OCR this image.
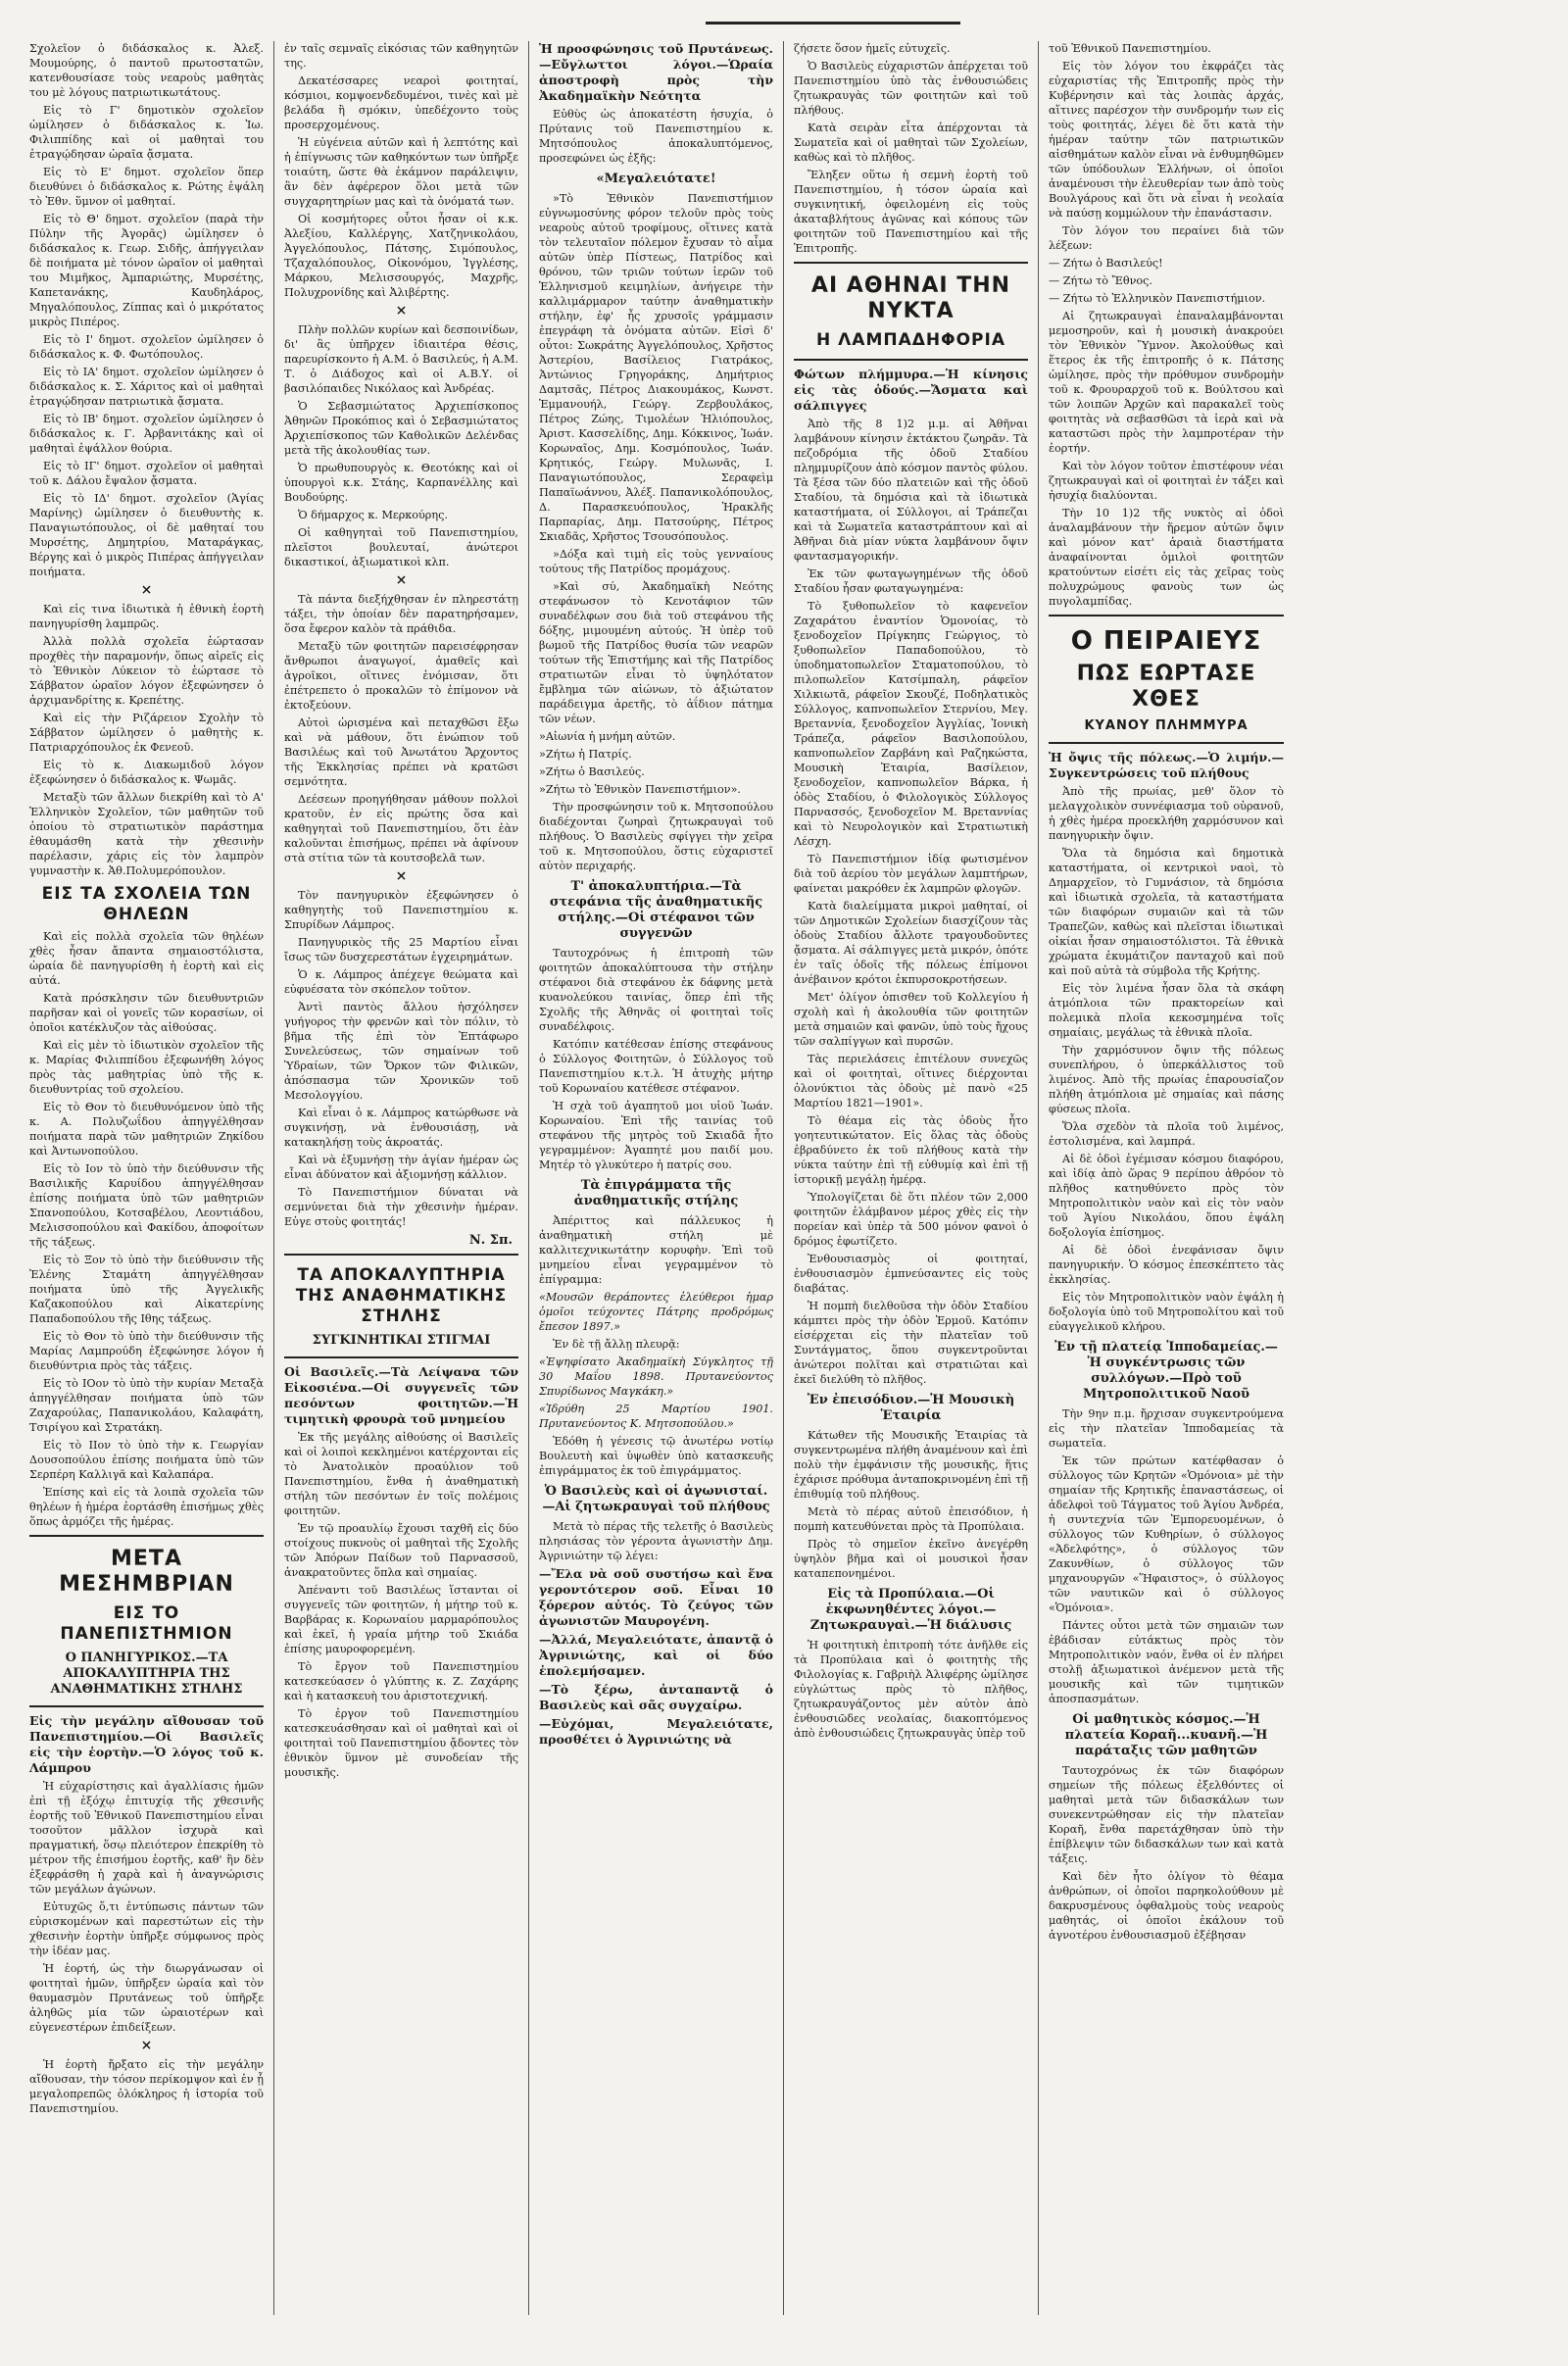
Σχολεῖον ὁ διδάσκαλος κ. Ἀλεξ. Μουμούρης, ὁ παντοῦ πρωτοστατῶν, κατενθουσίασε τοὺς νεαροὺς μαθητὰς του μὲ λόγους πατριωτικωτάτους.

Εἰς τὸ Γ' δημοτικὸν σχολεῖον ὡμίλησεν ὁ διδάσκαλος κ. Ἰω. Φιλιππίδης καὶ οἱ μαθηταὶ του ἐτραγῴδησαν ὡραῖα ᾄσματα.

Εἰς τὸ Ε' δημοτ. σχολεῖον ὅπερ διευθύνει ὁ διδάσκαλος κ. Ρώτης ἐψάλη τὸ Ἐθν. ὕμνον οἱ μαθηταί.

Εἰς τὸ Θ' δημοτ. σχολεῖον (παρὰ τὴν Πύλην τῆς Ἀγορᾶς) ὡμίλησεν ὁ διδάσκαλος κ. Γεωρ. Σιδῆς, ἀπήγγειλαν δὲ ποιήματα μὲ τόνον ὡραῖον οἱ μαθηταὶ του Μιμῆκος, Ἀμπαριώτης, Μυρσέτης, Καπετανάκης, Καυδηλάρος, Μηγαλόπουλος, Ζίππας καὶ ὁ μικρότατος μικρὸς Πιπέρος.

Εἰς τὸ Ι' δημοτ. σχολεῖον ὡμίλησεν ὁ διδάσκαλος κ. Φ. Φωτόπουλος.

Εἰς τὸ ΙΑ' δημοτ. σχολεῖον ὡμίλησεν ὁ διδάσκαλος κ. Σ. Χάριτος καὶ οἱ μαθηταὶ ἐτραγῴδησαν πατριωτικὰ ᾄσματα.

Εἰς τὸ ΙΒ' δημοτ. σχολεῖον ὡμίλησεν ὁ διδάσκαλος κ. Γ. Ἀρβανιτάκης καὶ οἱ μαθηταὶ ἐψάλλον θούρια.

Εἰς τὸ ΙΓ' δημοτ. σχολεῖον οἱ μαθηταὶ τοῦ κ. Δάλου ἔψαλον ᾄσματα.

Εἰς τὸ ΙΔ' δημοτ. σχολεῖον (Ἁγίας Μαρίνης) ὡμίλησεν ὁ διευθυντὴς κ. Παναγιωτόπουλος, οἱ δὲ μαθηταί του Μυρσέτης, Δημητρίου, Ματαράγκας, Βέργης καὶ ὁ μικρὸς Πιπέρας ἀπήγγειλαν ποιήματα.

×

Καὶ εἰς τινα ἰδιωτικὰ ἡ ἐθνικὴ ἑορτὴ πανηγυρίσθη λαμπρῶς.

Ἀλλὰ πολλὰ σχολεῖα ἑώρτασαν προχθὲς τὴν παραμονήν, ὅπως αἱρεῖς εἰς τὸ Ἑθνικὸν Λύκειον τὸ ἑώρτασε τὸ Σάββατον ὡραῖον λόγον ἐξεφώνησεν ὁ ἀρχιμανδρίτης κ. Κρεπέτης.

Καὶ εἰς τὴν Ριζάρειον Σχολὴν τὸ Σάββατον ὡμίλησεν ὁ μαθητὴς κ. Πατριαρχόπουλος ἐκ Φενεοῦ.

Εἰς τὸ κ. Διακωμιδοῦ λόγον ἐξεφώνησεν ὁ διδάσκαλος κ. Ψωμᾶς.

Μεταξὺ τῶν ἄλλων διεκρίθη καὶ τὸ Α' Ἑλληνικὸν Σχολεῖον, τῶν μαθητῶν τοῦ ὁποίου τὸ στρατιωτικὸν παράστημα ἐθαυμάσθη κατὰ τὴν χθεσινὴν παρέλασιν, χάρις εἰς τὸν λαμπρὸν γυμναστὴν κ. Ἀθ.Πολυμερόπουλον.

ΕΙΣ ΤΑ ΣΧΟΛΕΙΑ ΤΩΝ ΘΗΛΕΩΝ

Καὶ εἰς πολλὰ σχολεῖα τῶν θηλέων χθὲς ἦσαν ἄπαντα σημαιοστόλιστα, ὡραία δὲ πανηγυρίσθη ἡ ἑορτὴ καὶ εἰς αὐτά.

Κατὰ πρόσκλησιν τῶν διευθυντριῶν παρῆσαν καὶ οἱ γονεῖς τῶν κορασίων, οἱ ὁποῖοι κατέκλυζον τὰς αἰθούσας.

Καὶ εἰς μὲν τὸ ἰδιωτικὸν σχολεῖον τῆς κ. Μαρίας Φιλιππίδου ἐξεφωνήθη λόγος πρὸς τὰς μαθητρίας ὑπὸ τῆς κ. διευθυντρίας τοῦ σχολείου.

Εἰς τὸ Θον τὸ διευθυνόμενον ὑπὸ τῆς κ. Α. Πολυζωΐδου ἀπηγγέλθησαν ποιήματα παρὰ τῶν μαθητριῶν Ζηκίδου καὶ Ἀντωνοπούλου.

Εἰς τὸ Ιον τὸ ὑπὸ τὴν διεύθυνσιν τῆς Βασιλικῆς Καρυίδου ἀπηγγέλθησαν ἐπίσης ποιήματα ὑπὸ τῶν μαθητριῶν Σπανοπούλου, Κοτσαβέλου, Λεοντιάδου, Μελισσοπούλου καὶ Φακίδου, ἀποφοίτων τῆς τάξεως.

Εἰς τὸ Ξον τὸ ὑπὸ τὴν διεύθυνσιν τῆς Ἐλένης Σταμάτη ἀπηγγέλθησαν ποιήματα ὑπὸ τῆς Ἀγγελικῆς Καζακοπούλου καὶ Αἰκατερίνης Παπαδοπούλου τῆς Ιθης τάξεως.

Εἰς τὸ Θον τὸ ὑπὸ τὴν διεύθυνσιν τῆς Μαρίας Λαμπρούδη ἐξεφώνησε λόγον ἡ διευθύντρια πρὸς τὰς τάξεις.

Εἰς τὸ ΙΟον τὸ ὑπὸ τὴν κυρίαν Μεταξὰ ἀπηγγέλθησαν ποιήματα ὑπὸ τῶν Ζαχαρούλας, Παπανικολάου, Καλαφάτη, Τσιρίγου καὶ Στρατάκη.

Εἰς τὸ ΙΙον τὸ ὑπὸ τὴν κ. Γεωργίαν Δουσοπούλου ἐπίσης ποιήματα ὑπὸ τῶν Σερπέρη Καλλιγᾶ καὶ Καλαπάρα.

Ἐπίσης καὶ εἰς τὰ λοιπὰ σχολεῖα τῶν θηλέων ἡ ἡμέρα ἐορτάσθη ἐπισήμως χθὲς ὅπως ἀρμόζει τῆς ἡμέρας.

ΜΕΤΑ ΜΕΣΗΜΒΡΙΑΝ
ΕΙΣ ΤΟ ΠΑΝΕΠΙΣΤΗΜΙΟΝ
Ο ΠΑΝΗΓΥΡΙΚΟΣ.—ΤΑ ΑΠΟΚΑΛΥΠΤΗΡΙΑ ΤΗΣ ΑΝΑΘΗΜΑΤΙΚΗΣ ΣΤΗΛΗΣ

Εἰς τὴν μεγάλην αἴθουσαν τοῦ Πανεπιστημίου.—Οἱ Βασιλεῖς εἰς τὴν ἑορτὴν.—Ὁ λόγος τοῦ κ. Λάμπρου

Ἡ εὐχαρίστησις καὶ ἀγαλλίασις ἡμῶν ἐπὶ τῇ ἐξόχῳ ἐπιτυχίᾳ τῆς χθεσινῆς ἑορτῆς τοῦ Ἐθνικοῦ Πανεπιστημίου εἶναι τοσοῦτον μᾶλλον ἰσχυρὰ καὶ πραγματική, ὅσῳ πλειότερον ἐπεκρίθη τὸ μέτρον τῆς ἐπισήμου ἑορτῆς, καθ' ἣν δὲν ἐξεφράσθη ἡ χαρὰ καὶ ἡ ἀναγνώρισις τῶν μεγάλων ἀγώνων.

Εὐτυχῶς ὅ,τι ἐντύπωσις πάντων τῶν εὑρισκομένων καὶ παρεστώτων εἰς τὴν χθεσινὴν ἑορτὴν ὑπῆρξε σύμφωνος πρὸς τὴν ἰδέαν μας.

Ἡ ἑορτή, ὡς τὴν διωργάνωσαν οἱ φοιτηταὶ ἡμῶν, ὑπῆρξεν ὡραία καὶ τὸν θαυμασμὸν Πρυτάνεως τοῦ ὑπῆρξε ἀληθῶς μία τῶν ὡραιοτέρων καὶ εὐγενεστέρων ἐπιδείξεων.

×

Ἡ ἑορτὴ ἤρξατο εἰς τὴν μεγάλην αἴθουσαν, τὴν τόσον περίκομψον καὶ ἐν ᾗ μεγαλοπρεπῶς ὁλόκληρος ἡ ἱστορία τοῦ Πανεπιστημίου.

ἐν ταῖς σεμναῖς εἰκόσιας τῶν καθηγητῶν της.

Δεκατέσσαρες νεαροὶ φοιτηταί, κόσμιοι, κομψοενδεδυμένοι, τινὲς καὶ μὲ βελάδα ἢ σμόκιν, ὑπεδέχοντο τοὺς προσερχομένους.

Ἡ εὐγένεια αὐτῶν καὶ ἡ λεπτότης καὶ ἡ ἐπίγνωσις τῶν καθηκόντων των ὑπῆρξε τοιαύτη, ὥστε θὰ ἐκάμνον παράλειψιν, ἂν δὲν ἀφέρερον ὅλοι μετὰ τῶν συγχαρητηρίων μας καὶ τὰ ὀνόματά των.

Οἱ κοσμήτορες οὗτοι ἦσαν οἱ κ.κ. Ἀλεξίου, Καλλέργης, Χατζηνικολάου, Ἀγγελόπουλος, Πάτσης, Σιμόπουλος, Τζαχαλόπουλος, Οἰκονόμου, Ἰγγλέσης, Μάρκου, Μελισσουργός, Μαχρῆς, Πολυχρονίδης καὶ Ἀλιβέρτης.

×

Πλὴν πολλῶν κυρίων καὶ δεσποινίδων, δι' ἃς ὑπῆρχεν ἰδιαιτέρα θέσις, παρευρίσκοντο ἡ Α.Μ. ὁ Βασιλεύς, ἡ Α.Μ. Τ. ὁ Διάδοχος καὶ οἱ Α.Β.Υ. οἱ βασιλόπαιδες Νικόλαος καὶ Ἀνδρέας.

Ὁ Σεβασμιώτατος Ἀρχιεπίσκοπος Ἀθηνῶν Προκόπιος καὶ ὁ Σεβασμιώτατος Ἀρχιεπίσκοπος τῶν Καθολικῶν Δελένδας μετὰ τῆς ἀκολουθίας των.

Ὁ πρωθυπουργὸς κ. Θεοτόκης καὶ οἱ ὑπουργοὶ κ.κ. Στάης, Καρπανέλλης καὶ Βουδούρης.

Ὁ δήμαρχος κ. Μερκούρης.

Οἱ καθηγηταὶ τοῦ Πανεπιστημίου, πλεῖστοι βουλευταί, ἀνώτεροι δικαστικοί, ἀξιωματικοὶ κλπ.

×

Τὰ πάντα διεξήχθησαν ἐν πληρεστάτῃ τάξει, τὴν ὁποίαν δὲν παρατηρήσαμεν, ὅσα ἔφερον καλὸν τὰ πράθιδα.

Μεταξὺ τῶν φοιτητῶν παρεισέφρησαν ἄνθρωποι ἀναγωγοί, ἀμαθεῖς καὶ ἀγροῖκοι, οἵτινες ἐνόμισαν, ὅτι ἐπέτρεπετο ὁ προκαλῶν τὸ ἐπίμονον νὰ ἐκτοξεύουν.

Αὐτοὶ ὡρισμένα καὶ πεταχθῶσι ἔξω καὶ νὰ μάθουν, ὅτι ἐνώπιον τοῦ Βασιλέως καὶ τοῦ Ἀνωτάτου Ἄρχοντος τῆς Ἐκκλησίας πρέπει νὰ κρατῶσι σεμνότητα.

Δεέσεων προηγήθησαν μάθουν πολλοὶ κρατοῦν, ἐν εἰς πρώτης ὅσα καὶ καθηγηταὶ τοῦ Πανεπιστημίου, ὅτι ἐὰν καλοῦνται ἐπισήμως, πρέπει νὰ ἀφίνουν στὰ στίτια τῶν τὰ κουτσοβελᾶ των.

×

Τὸν πανηγυρικὸν ἐξεφώνησεν ὁ καθηγητὴς τοῦ Πανεπιστημίου κ. Σπυρίδων Λάμπρος.

Πανηγυρικὸς τῆς 25 Μαρτίου εἶναι ἴσως τῶν δυσχερεστάτων ἐγχειρημάτων.

Ὁ κ. Λάμπρος ἀπέχεγε θεώματα καὶ εὐφυέσατα τὸν σκόπελον τοῦτον.

Ἀντὶ παντὸς ἄλλου ἠσχόλησεν γυήγορος τὴν φρενῶν καὶ τὸν πόλιν, τὸ βῆμα τῆς ἐπὶ τὸν Ἐπτάφωρο Συνελεύσεως, τῶν σημαίνων τοῦ Ὑδραίων, τῶν Ὄρκον τῶν Φιλικῶν, ἀπόσπασμα τῶν Χρονικῶν τοῦ Μεσολογγίου.

Καὶ εἶναι ὁ κ. Λάμπρος κατώρθωσε νὰ συγκινήσῃ, νὰ ἐνθουσιάσῃ, νὰ κατακηλήσῃ τοὺς ἀκροατάς.

Καὶ νὰ ἐξυμνήσῃ τὴν ἁγίαν ἡμέραν ὡς εἶναι ἀδύνατον καὶ ἀξιομνήσῃ κάλλιον.

Τὸ Πανεπιστήμιον δύναται νὰ σεμνύνεται διὰ τὴν χθεσινὴν ἡμέραν. Εὐγε στοὺς φοιτητάς!

Ν. Σπ.
ΤΑ ΑΠΟΚΑΛΥΠΤΗΡΙΑ ΤΗΣ ΑΝΑΘΗΜΑΤΙΚΗΣ ΣΤΗΛΗΣ
ΣΥΓΚΙΝΗΤΙΚΑΙ ΣΤΙΓΜΑΙ

Οἱ Βασιλεῖς.—Τὰ Λείψανα τῶν Εἰκοσιένα.—Οἱ συγγενεῖς τῶν πεσόντων φοιτητῶν.—Ἡ τιμητικὴ φρουρὰ τοῦ μνημείου

Ἐκ τῆς μεγάλης αἰθούσης οἱ Βασιλεῖς καὶ οἱ λοιποὶ κεκλημένοι κατέρχονται εἰς τὸ Ἀνατολικὸν προαύλιον τοῦ Πανεπιστημίου, ἔνθα ἡ ἀναθηματικὴ στήλη τῶν πεσόντων ἐν τοῖς πολέμοις φοιτητῶν.

Ἐν τῷ προαυλίῳ ἔχουσι ταχθῆ εἰς δύο στοίχους πυκνοὺς οἱ μαθηταὶ τῆς Σχολῆς τῶν Ἀπόρων Παίδων τοῦ Παρνασσοῦ, ἀνακρατοῦντες ὅπλα καὶ σημαίας.

Ἀπέναντι τοῦ Βασιλέως ἵστανται οἱ συγγενεῖς τῶν φοιτητῶν, ἡ μήτηρ τοῦ κ. Βαρβάρας κ. Κορωναίου μαρμαρόπουλος καὶ ἐκεῖ, ἡ γραία μήτηρ τοῦ Σκιάδα ἐπίσης μαυροφορεμένη.

Τὸ ἔργον τοῦ Πανεπιστημίου κατεσκεύασεν ὁ γλύπτης κ. Ζ. Ζαχάρης καὶ ἡ κατασκευὴ του ἀριστοτεχνική.

Τὸ ἐργον τοῦ Πανεπιστημίου κατεσκευάσθησαν καὶ οἱ μαθηταὶ καὶ οἱ φοιτηταὶ τοῦ Πανεπιστημίου ᾄδοντες τὸν ἐθνικὸν ὕμνον μὲ συνοδείαν τῆς μουσικῆς.

Ἡ προσφώνησις τοῦ Πρυτάνεως.—Εὔγλωττοι λόγοι.—Ὡραία ἀποστροφὴ πρὸς τὴν Ἀκαδημαϊκὴν Νεότητα

Εὐθὺς ὡς ἀποκατέστη ἡσυχία, ὁ Πρύτανις τοῦ Πανεπιστημίου κ. Μητσόπουλος ἀποκαλυπτόμενος, προσεφώνει ὡς ἐξῆς:

«Μεγαλειότατε!

»Τὸ Ἐθνικὸν Πανεπιστήμιον εὐγνωμοσύνης φόρον τελοῦν πρὸς τοὺς νεαροὺς αὐτοῦ τροφίμους, οἵτινες κατὰ τὸν τελευταῖον πόλεμον ἔχυσαν τὸ αἷμα αὐτῶν ὑπὲρ Πίστεως, Πατρίδος καὶ θρόνου, τῶν τριῶν τούτων ἱερῶν τοῦ Ἑλληνισμοῦ κειμηλίων, ἀνήγειρε τὴν καλλιμάρμαρον ταύτην ἀναθηματικὴν στήλην, ἐφ' ἧς χρυσοῖς γράμμασιν ἐπεγράφη τὰ ὀνόματα αὐτῶν. Εἰσὶ δ' οὗτοι: Σωκράτης Ἀγγελόπουλος, Χρῆστος Ἀστερίου, Βασίλειος Γιατράκος, Ἀντώνιος Γρηγοράκης, Δημήτριος Δαμτσᾶς, Πέτρος Διακουμάκος, Κωνστ. Ἐμμανουήλ, Γεώργ. Ζερβουλάκος, Πέτρος Ζώης, Τιμολέων Ἠλιόπουλος, Ἀριστ. Κασσελίδης, Δημ. Κόκκινος, Ἰωάν. Κορωναῖος, Δημ. Κοσμόπουλος, Ἰωάν. Κρητικός, Γεώργ. Μυλωνᾶς, Ι. Παναγιωτόπουλος, Σεραφεὶμ Παπαϊωάννου, Ἀλέξ. Παπανικολόπουλος, Δ. Παρασκευόπουλος, Ἡρακλῆς Παρπαρίας, Δημ. Πατσούρης, Πέτρος Σκιαδᾶς, Χρῆστος Τσουσόπουλος.

»Δόξα καὶ τιμὴ εἰς τοὺς γενναίους τούτους τῆς Πατρίδος προμάχους.

»Καὶ σύ, Ἀκαδημαϊκὴ Νεότης στεφάνωσον τὸ Κενοτάφιον τῶν συναδέλφων σου διὰ τοῦ στεφάνου τῆς δόξης, μιμουμένη αὐτούς. Ἡ ὑπὲρ τοῦ βωμοῦ τῆς Πατρίδος θυσία τῶν νεαρῶν τούτων τῆς Ἐπιστήμης καὶ τῆς Πατρίδος στρατιωτῶν εἶναι τὸ ὑψηλότατον ἔμβλημα τῶν αἰώνων, τὸ ἀξιώτατον παράδειγμα ἀρετῆς, τὸ ἀΐδιον πάτημα τῶν νέων.

»Αἰωνία ἡ μνήμη αὐτῶν.

»Ζήτω ἡ Πατρίς.

»Ζήτω ὁ Βασιλεύς.

»Ζήτω τὸ Ἐθνικὸν Πανεπιστήμιον».

Τὴν προσφώνησιν τοῦ κ. Μητσοπούλου διαδέχονται ζωηραὶ ζητωκραυγαὶ τοῦ πλήθους. Ὁ Βασιλεὺς σφίγγει τὴν χεῖρα τοῦ κ. Μητσοπούλου, ὅστις εὐχαριστεῖ αὐτὸν περιχαρής.

Τ' ἀποκαλυπτήρια.—Τὰ στεφάνια τῆς ἀναθηματικῆς στήλης.—Οἱ στέφανοι τῶν συγγενῶν

Ταυτοχρόνως ἡ ἐπιτροπὴ τῶν φοιτητῶν ἀποκαλύπτουσα τὴν στήλην στέφανοι διὰ στεφάνου ἐκ δάφνης μετὰ κυανολεύκου ταινίας, ὅπερ ἐπὶ τῆς Σχολῆς τῆς Ἀθηνᾶς οἱ φοιτηταὶ τοῖς συναδέλφοις.

Κατόπιν κατέθεσαν ἐπίσης στεφάνους ὁ Σύλλογος Φοιτητῶν, ὁ Σύλλογος τοῦ Πανεπιστημίου κ.τ.λ. Ἡ ἀτυχὴς μήτηρ τοῦ Κορωναίου κατέθεσε στέφανον.

Ἡ σχὰ τοῦ ἀγαπητοῦ μοι υἱοῦ Ἰωάν. Κορωναίου. Ἐπὶ τῆς ταινίας τοῦ στεφάνου τῆς μητρὸς τοῦ Σκιαδᾶ ἦτο γεγραμμένον: Ἀγαπητέ μου παιδί μου. Μητέρ τὸ γλυκύτερο ἡ πατρίς σου.

Τὰ ἐπιγράμματα τῆς ἀναθηματικῆς στήλης

Ἀπέριττος καὶ πάλλευκος ἡ ἀναθηματικὴ στήλη μὲ καλλιτεχνικωτάτην κορυφὴν. Ἐπὶ τοῦ μνημείου εἶναι γεγραμμένον τὸ ἐπίγραμμα:

«Μουσῶν θεράποντες ἐλεύθεροι ἡμαρ ὁμοῖοι τεύχοντες Πάτρης προδρόμως ἔπεσον 1897.»

Ἐν δὲ τῇ ἄλλῃ πλευρᾷ:

«Ἐψηφίσατο Ἀκαδημαϊκὴ Σύγκλητος τῇ 30 Μαΐου 1898. Πρυτανεύοντος Σπυρίδωνος Μαγκάκη.»

«Ἱδρύθη 25 Μαρτίου 1901. Πρυτανεύοντος Κ. Μητσοπούλου.»

Ἐδόθη ἡ γένεσις τῷ ἀνωτέρω νοτίῳ Βουλευτὴ καὶ ὑψωθὲν ὑπὸ κατασκευῆς ἐπιγράμματος ἐκ τοῦ ἐπιγράμματος.

Ὁ Βασιλεὺς καὶ οἱ ἀγωνισταί.—Αἱ ζητωκραυγαὶ τοῦ πλήθους

Μετὰ τὸ πέρας τῆς τελετῆς ὁ Βασιλεὺς πλησιάσας τὸν γέροντα ἀγωνιστὴν Δημ. Ἀγρινιώτην τῷ λέγει:

—Ἔλα νὰ σοῦ συστήσω καὶ ἕνα γεροντότερον σοῦ. Εἶναι 10 ξόρερον αὐτός. Τὸ ζεύγος τῶν ἀγωνιστῶν Μαυρογένη.

—Ἀλλά, Μεγαλειότατε, ἀπαντᾷ ὁ Ἀγρινιώτης, καὶ οἱ δύο ἐπολεμήσαμεν.

—Τὸ ξέρω, ἀνταπαντᾷ ὁ Βασιλεὺς καὶ σᾶς συγχαίρω.

—Εὐχόμαι, Μεγαλειότατε, προσθέτει ὁ Ἀγρινιώτης νὰ

ζήσετε ὅσον ἡμεῖς εὐτυχεῖς.

Ὁ Βασιλεὺς εὐχαριστῶν ἀπέρχεται τοῦ Πανεπιστημίου ὑπὸ τὰς ἐνθουσιώδεις ζητωκραυγὰς τῶν φοιτητῶν καὶ τοῦ πλήθους.

Κατὰ σειρὰν εἶτα ἀπέρχονται τὰ Σωματεῖα καὶ οἱ μαθηταὶ τῶν Σχολείων, καθὼς καὶ τὸ πλῆθος.

Ἔληξεν οὕτω ἡ σεμνὴ ἑορτὴ τοῦ Πανεπιστημίου, ἡ τόσον ὡραία καὶ συγκινητική, ὀφειλομένη εἰς τοὺς ἀκαταβλήτους ἀγῶνας καὶ κόπους τῶν φοιτητῶν τοῦ Πανεπιστημίου καὶ τῆς Ἐπιτροπῆς.

ΑΙ ΑΘΗΝΑΙ ΤΗΝ ΝΥΚΤΑ
Η ΛΑΜΠΑΔΗΦΟΡΙΑ

Φώτων πλήμμυρα.—Ἡ κίνησις εἰς τὰς ὁδούς.—Ἄσματα καὶ σάλπιγγες

Ἀπὸ τῆς 8 1)2 μ.μ. αἱ Ἀθῆναι λαμβάνουν κίνησιν ἐκτάκτου ζωηρᾶν. Τὰ πεζοδρόμια τῆς ὁδοῦ Σταδίου πλημμυρίζουν ἀπὸ κόσμον παντὸς φύλου. Τὰ ξέσα τῶν δύο πλατειῶν καὶ τῆς ὁδοῦ Σταδίου, τὰ δημόσια καὶ τὰ ἰδιωτικὰ καταστήματα, οἱ Σύλλογοι, αἱ Τράπεζαι καὶ τὰ Σωματεῖα καταστράπτουν καὶ αἱ Ἀθῆναι διὰ μίαν νύκτα λαμβάνουν ὄψιν φαντασμαγορικήν.

Ἐκ τῶν φωταγωγημένων τῆς ὁδοῦ Σταδίου ἦσαν φωταγωγημένα:

Τὸ ξυθοπωλεῖον τὸ καφενεῖον Ζαχαράτου ἐναντίον Ὁμονοίας, τὸ ξενοδοχεῖον Πρίγκηπς Γεώργιος, τὸ ξυθοπωλεῖον Παπαδοπούλου, τὸ ὑποδηματοπωλεῖον Σταματοπούλου, τὸ πιλοπωλεῖον Κατσίμπαλη, ράφεῖον Χιλκιωτᾶ, ράφεῖον Σκουζέ, Ποδηλατικὸς Σύλλογος, καπνοπωλεῖον Στερνίου, Μεγ. Βρεταννία, ξενοδοχεῖον Ἀγγλίας, Ἰονικὴ Τράπεζα, ράφεῖον Βασιλοπούλου, καπνοπωλεῖον Ζαρβάνη καὶ Ραζηκώστα, Μουσικὴ Ἑταιρία, Βασίλειον, ξενοδοχεῖον, καπνοπωλεῖον Βάρκα, ἡ ὁδὸς Σταδίου, ὁ Φιλολογικὸς Σύλλογος Παρνασσός, ξενοδοχεῖον Μ. Βρεταννίας καὶ τὸ Νευρολογικὸν καὶ Στρατιωτικὴ Λέσχη.

Τὸ Πανεπιστήμιον ἰδίᾳ φωτισμένον διὰ τοῦ ἀερίου τὸν μεγάλων λαμπτήρων, φαίνεται μακρόθεν ἐκ λαμπρῶν φλογῶν.

Κατὰ διαλείμματα μικροὶ μαθηταί, οἱ τῶν Δημοτικῶν Σχολείων διασχίζουν τὰς ὁδοὺς Σταδίου ἄλλοτε τραγουδοῦντες ᾄσματα. Αἱ σάλπιγγες μετὰ μικρόν, ὁπότε ἐν ταῖς ὁδοῖς τῆς πόλεως ἐπίμονοι ἀνέβαινον κρότοι ἐκπυρσοκροτήσεων.

Μετ' ὀλίγον ὁπισθεν τοῦ Κολλεγίου ἡ σχολὴ καὶ ἡ ἀκολουθία τῶν φοιτητῶν μετὰ σημαιῶν καὶ φανῶν, ὑπὸ τοὺς ἤχους τῶν σαλπίγγων καὶ πυρσῶν.

Τὰς περιελάσεις ἐπιτέλουν συνεχῶς καὶ οἱ φοιτηταὶ, οἵτινες διέρχονται ὁλονύκτιοι τὰς ὁδοὺς μὲ πανὸ «25 Μαρτίου 1821—1901».

Τὸ θέαμα εἰς τὰς ὁδοὺς ἦτο γοητευτικώτατον. Εἰς ὅλας τὰς ὁδοὺς ἐβραδύνετο ἐκ τοῦ πλήθους κατὰ τὴν νύκτα ταύτην ἐπὶ τῇ εὐθυμίᾳ καὶ ἐπὶ τῇ ἱστορικῇ μεγάλῃ ἡμέρᾳ.

Ὑπολογίζεται δὲ ὅτι πλέον τῶν 2,000 φοιτητῶν ἐλάμβανον μέρος χθὲς εἰς τὴν πορείαν καὶ ὑπὲρ τὰ 500 μόνον φανοὶ ὁ δρόμος ἐφωτίζετο.

Ἐνθουσιασμὸς οἱ φοιτηταί, ἐνθουσιασμὸν ἐμπνεύσαντες εἰς τοὺς διαβάτας.

Ἡ πομπὴ διελθοῦσα τὴν ὁδὸν Σταδίου κάμπτει πρὸς τὴν ὁδὸν Ἑρμοῦ. Κατόπιν εἰσέρχεται εἰς τὴν πλατεῖαν τοῦ Συντάγματος, ὅπου συγκεντροῦνται ἀνώτεροι πολῖται καὶ στρατιῶται καὶ ἐκεῖ διελύθη τὸ πλῆθος.

Ἐν ἐπεισόδιον.—Ἡ Μουσικὴ Ἑταιρία

Κάτωθεν τῆς Μουσικῆς Ἑταιρίας τὰ συγκεντρωμένα πλήθη ἀναμένουν καὶ ἐπὶ πολὺ τὴν ἐμφάνισιν τῆς μουσικῆς, ἥτις ἐχάρισε πρόθυμα ἀνταποκρινομένη ἐπὶ τῇ ἐπιθυμίᾳ τοῦ πλήθους.

Μετὰ τὸ πέρας αὐτοῦ ἐπεισόδιον, ἡ πομπὴ κατευθύνεται πρὸς τὰ Προπύλαια.

Πρὸς τὸ σημεῖον ἐκεῖνο ἀνεγέρθη ὑψηλὸν βῆμα καὶ οἱ μουσικοὶ ἦσαν καταπεπονημένοι.

Εἰς τὰ Προπύλαια.—Οἱ ἐκφωνηθέντες λόγοι.—Ζητωκραυγαὶ.—Ἡ διάλυσις

Ἡ φοιτητικὴ ἐπιτροπὴ τότε ἀνῆλθε εἰς τὰ Προπύλαια καὶ ὁ φοιτητὴς τῆς Φιλολογίας κ. Γαβριὴλ Ἀλιφέρης ὡμίλησε εὐγλώττως πρὸς τὸ πλῆθος, ζητωκραυγάζοντος μὲν αὐτὸν ἀπὸ ἐνθουσιῶδες νεολαίας, διακοπτόμενος ἀπὸ ἐνθουσιώδεις ζητωκραυγὰς ὑπὲρ τοῦ

τοῦ Ἐθνικοῦ Πανεπιστημίου.

Εἰς τὸν λόγον του ἐκφράζει τὰς εὐχαριστίας τῆς Ἐπιτροπῆς πρὸς τὴν Κυβέρνησιν καὶ τὰς λοιπὰς ἀρχάς, αἵτινες παρέσχον τὴν συνδρομήν των εἰς τοὺς φοιτητάς, λέγει δὲ ὅτι κατὰ τὴν ἡμέραν ταύτην τῶν πατριωτικῶν αἰσθημάτων καλὸν εἶναι νὰ ἐνθυμηθῶμεν τῶν ὑπόδουλων Ἑλλήνων, οἱ ὁποῖοι ἀναμένουσι τὴν ἐλευθερίαν των ἀπὸ τοὺς Βουλγάρους καὶ ὅτι νὰ εἶναι ἡ νεολαία νὰ παύσῃ κομμώλουν τὴν ἐπανάστασιν.

Τὸν λόγον του περαίνει διὰ τῶν λέξεων:

— Ζήτω ὁ Βασιλεύς!

— Ζήτω τὸ Ἔθνος.

— Ζήτω τὸ Ἑλληνικὸν Πανεπιστήμιον.

Αἱ ζητωκραυγαὶ ἐπαναλαμβάνονται μεμοσηροῦν, καὶ ἡ μουσικὴ ἀνακρούει τὸν Ἐθνικὸν Ὕμνον. Ἀκολούθως καὶ ἕτερος ἐκ τῆς ἐπιτροπῆς ὁ κ. Πάτσης ὡμίλησε, πρὸς τὴν πρόθυμον συνδρομὴν τοῦ κ. Φρουραρχοῦ τοῦ κ. Βούλτσου καὶ τῶν λοιπῶν Ἀρχῶν καὶ παρακαλεῖ τοὺς φοιτητὰς νὰ σεβασθῶσι τὰ ἱερὰ καὶ νὰ καταστῶσι πρὸς τὴν λαμπροτέραν τὴν ἑορτήν.

Καὶ τὸν λόγον τοῦτον ἐπιστέφουν νέαι ζητωκραυγαὶ καὶ οἱ φοιτηταὶ ἐν τάξει καὶ ἡσυχίᾳ διαλύονται.

Τὴν 10 1)2 τῆς νυκτὸς αἱ ὁδοὶ ἀναλαμβάνουν τὴν ἥρεμον αὐτῶν ὄψιν καὶ μόνον κατ' ἀραιὰ διαστήματα ἀναφαίνονται ὁμιλοὶ φοιτητῶν κρατούντων εἰσέτι εἰς τὰς χεῖρας τοὺς πολυχρώμους φανοὺς των ὡς πυγολαμπίδας.

Ο ΠΕΙΡΑΙΕΥΣ
ΠΩΣ ΕΩΡΤΑΣΕ ΧΘΕΣ
ΚΥΑΝΟΥ ΠΛΗΜΜΥΡΑ

Ἡ ὄψις τῆς πόλεως.—Ὁ λιμήν.—Συγκεντρώσεις τοῦ πλήθους

Ἀπὸ τῆς πρωίας, μεθ' ὅλον τὸ μελαγχολικὸν συννέφιασμα τοῦ οὐρανοῦ, ἡ χθὲς ἡμέρα προεκλήθη χαρμόσυνον καὶ πανηγυρικὴν ὄψιν.

Ὅλα τὰ δημόσια καὶ δημοτικὰ καταστήματα, οἱ κεντρικοὶ ναοὶ, τὸ Δημαρχεῖον, τὸ Γυμνάσιον, τὰ δημόσια καὶ ἰδιωτικὰ σχολεῖα, τὰ καταστήματα τῶν διαφόρων συμαιῶν καὶ τὰ τῶν Τραπεζῶν, καθὼς καὶ πλεῖσται ἰδιωτικαὶ οἰκίαι ἦσαν σημαιοστόλιστοι. Τὰ ἐθνικὰ χρώματα ἐκυμάτιζον πανταχοῦ καὶ ποῦ καὶ ποῦ αὐτὰ τὰ σύμβολα τῆς Κρήτης.

Εἰς τὸν λιμένα ἦσαν ὅλα τὰ σκάφη ἀτμόπλοια τῶν πρακτορείων καὶ πολεμικὰ πλοῖα κεκοσμημένα τοῖς σημαίαις, μεγάλως τὰ ἐθνικὰ πλοῖα.

Τὴν χαρμόσυνον ὄψιν τῆς πόλεως συνεπλήρου, ὁ ὑπερκάλλιστος τοῦ λιμένος. Ἀπὸ τῆς πρωίας ἐπαρουσίαζον πλήθη ἀτμόπλοια μὲ σημαίας καὶ πάσης φύσεως πλοῖα.

Ὅλα σχεδὸν τὰ πλοῖα τοῦ λιμένος, ἐστολισμένα, καὶ λαμπρά.

Αἱ δὲ ὁδοὶ ἐγέμισαν κόσμου διαφόρου, καὶ ἰδίᾳ ἀπὸ ὥρας 9 περίπου ἀθρόον τὸ πλῆθος κατηυθύνετο πρὸς τὸν Μητροπολιτικὸν ναὸν καὶ εἰς τὸν ναὸν τοῦ Ἁγίου Νικολάου, ὅπου ἐψάλη δοξολογία ἐπίσημος.

Αἱ δὲ ὁδοὶ ἐνεφάνισαν ὄψιν πανηγυρικήν. Ὁ κόσμος ἐπεσκέπτετο τὰς ἐκκλησίας.

Εἰς τὸν Μητροπολιτικὸν ναὸν ἐψάλη ἡ δοξολογία ὑπὸ τοῦ Μητροπολίτου καὶ τοῦ εὐαγγελικοῦ κλήρου.

Ἐν τῇ πλατείᾳ Ἱπποδαμείας.—Ἡ συγκέντρωσις τῶν συλλόγων.—Πρὸ τοῦ Μητροπολιτικοῦ Ναοῦ

Τὴν 9ην π.μ. ἤρχισαν συγκεντρούμενα εἰς τὴν πλατεῖαν Ἱπποδαμείας τὰ σωματεῖα.

Ἐκ τῶν πρώτων κατέφθασαν ὁ σύλλογος τῶν Κρητῶν «Ὁμόνοια» μὲ τὴν σημαίαν τῆς Κρητικῆς ἐπαναστάσεως, οἱ ἀδελφοὶ τοῦ Τάγματος τοῦ Ἁγίου Ἀνδρέα, ἡ συντεχνία τῶν Ἐμπορευομένων, ὁ σύλλογος τῶν Κυθηρίων, ὁ σύλλογος «Ἀδελφότης», ὁ σύλλογος τῶν Ζακυνθίων, ὁ σύλλογος τῶν μηχανουργῶν «Ἥφαιστος», ὁ σύλλογος τῶν ναυτικῶν καὶ ὁ σύλλογος «Ὁμόνοια».

Πάντες οὗτοι μετὰ τῶν σημαιῶν των ἐβάδισαν εὐτάκτως πρὸς τὸν Μητροπολιτικὸν ναόν, ἔνθα οἱ ἐν πλήρει στολῇ ἀξιωματικοὶ ἀνέμενον μετὰ τῆς μουσικῆς καὶ τῶν τιμητικῶν ἀποσπασμάτων.

Οἱ μαθητικὸς κόσμος.—Ἡ πλατεία Κοραῆ...κυανῆ.—Ἡ παράταξις τῶν μαθητῶν

Ταυτοχρόνως ἐκ τῶν διαφόρων σημείων τῆς πόλεως ἐξελθόντες οἱ μαθηταὶ μετὰ τῶν διδασκάλων των συνεκεντρώθησαν εἰς τὴν πλατεῖαν Κοραῆ, ἔνθα παρετάχθησαν ὑπὸ τὴν ἐπίβλεψιν τῶν διδασκάλων των καὶ κατὰ τάξεις.

Καὶ δὲν ἦτο ὀλίγον τὸ θέαμα ἀνθρώπων, οἱ ὁποῖοι παρηκολούθουν μὲ δακρυσμένους ὀφθαλμοὺς τοὺς νεαροὺς μαθητάς, οἱ ὁποῖοι ἐκάλουν τοῦ ἀγνοτέρου ἐνθουσιασμοῦ ἐξέβησαν
